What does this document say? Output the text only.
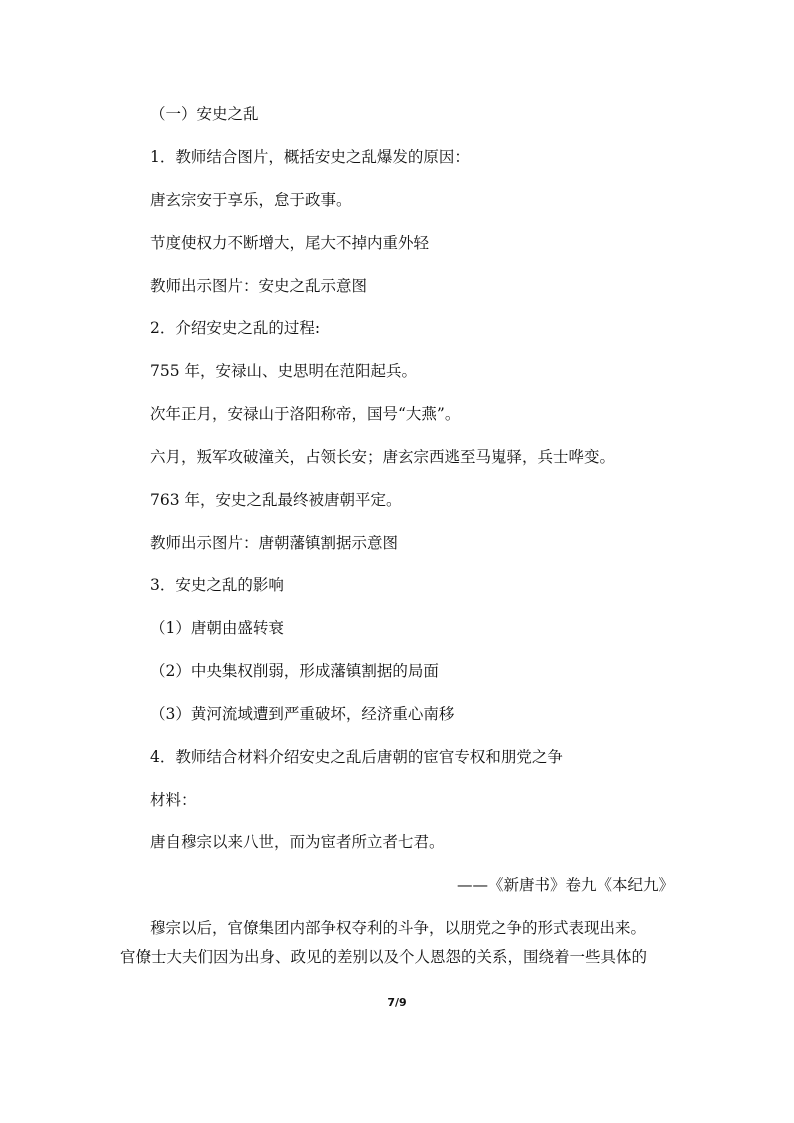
（一）安史之乱
1．教师结合图片，概括安史之乱爆发的原因：
唐玄宗安于享乐，怠于政事。
节度使权力不断增大，尾大不掉内重外轻
教师出示图片：安史之乱示意图
2．介绍安史之乱的过程:
755 年，安禄山、史思明在范阳起兵。
次年正月，安禄山于洛阳称帝，国号“大燕”。
六月，叛军攻破潼关，占领长安；唐玄宗西逃至马嵬驿，兵士哗变。
763 年，安史之乱最终被唐朝平定。
教师出示图片：唐朝藩镇割据示意图
3．安史之乱的影响
（1）唐朝由盛转衰
（2）中央集权削弱，形成藩镇割据的局面
（3）黄河流域遭到严重破坏，经济重心南移
4．教师结合材料介绍安史之乱后唐朝的宦官专权和朋党之争
材料：
唐自穆宗以来八世，而为宦者所立者七君。
——《新唐书》卷九《本纪九》
穆宗以后，官僚集团内部争权夺利的斗争，以朋党之争的形式表现出来。
官僚士大夫们因为出身、政见的差别以及个人恩怨的关系，围绕着一些具体的
7/9
